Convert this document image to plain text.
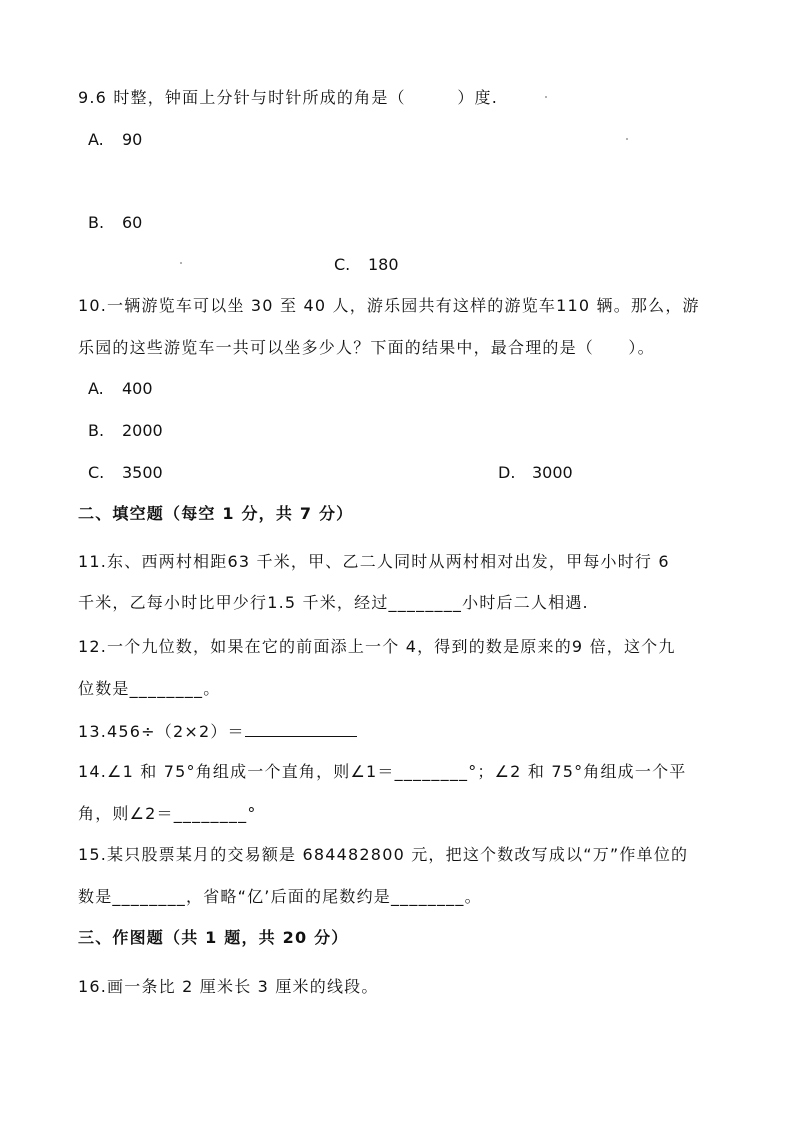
9.6 时整，钟面上分针与时针所成的角是（　　　）度.
A. 90
B. 60
C. 180
10.一辆游览车可以坐 30 至 40 人，游乐园共有这样的游览车110 辆。那么，游
乐园的这些游览车一共可以坐多少人？下面的结果中，最合理的是（　　）。
A. 400
B. 2000
C. 3500	D. 3000
二、填空题（每空 1 分，共 7 分）
11.东、西两村相距63 千米，甲、乙二人同时从两村相对出发，甲每小时行 6
千米，乙每小时比甲少行1.5 千米，经过________小时后二人相遇.
12.一个九位数，如果在它的前面添上一个 4，得到的数是原来的9 倍，这个九
位数是________。
13.456÷（2×2）＝
14.∠1 和 75°角组成一个直角，则∠1＝________°；∠2 和 75°角组成一个平
角，则∠2＝________°
15.某只股票某月的交易额是 684482800 元，把这个数改写成以“万”作单位的
数是________，省略“亿’后面的尾数约是________。
三、作图题（共 1 题，共 20 分）
16.画一条比 2 厘米长 3 厘米的线段。
